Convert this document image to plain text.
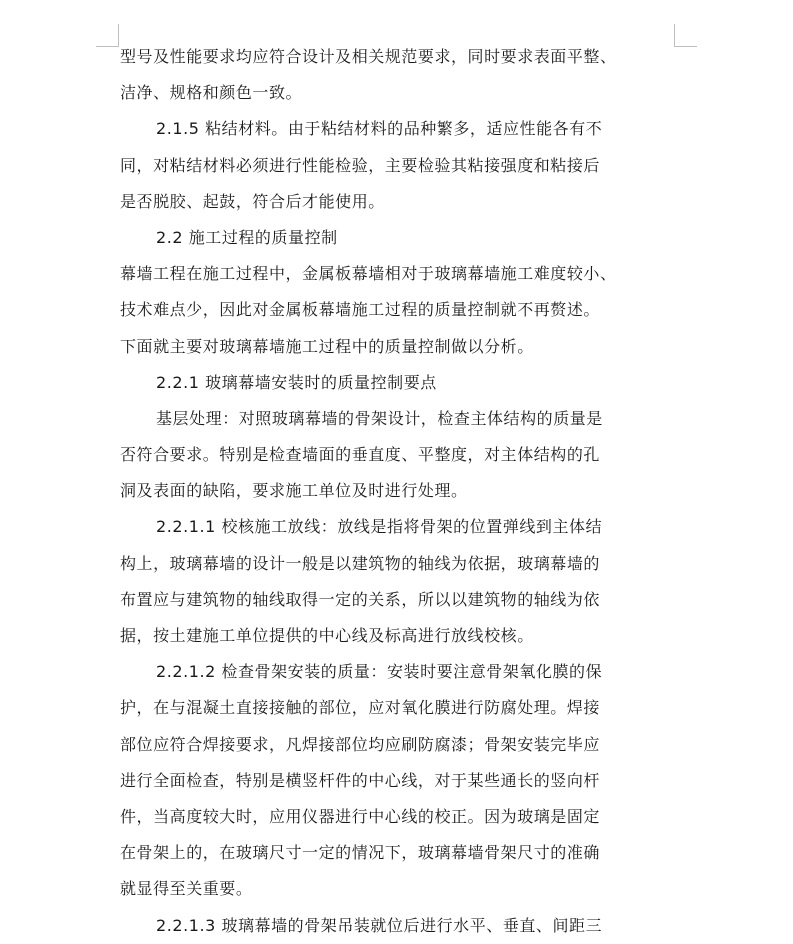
型号及性能要求均应符合设计及相关规范要求，同时要求表面平整、
洁净、规格和颜色一致。
2.1.5 粘结材料。由于粘结材料的品种繁多，适应性能各有不
同，对粘结材料必须进行性能检验，主要检验其粘接强度和粘接后
是否脱胶、起鼓，符合后才能使用。
2.2 施工过程的质量控制
幕墙工程在施工过程中，金属板幕墙相对于玻璃幕墙施工难度较小、
技术难点少，因此对金属板幕墙施工过程的质量控制就不再赘述。
下面就主要对玻璃幕墙施工过程中的质量控制做以分析。
2.2.1 玻璃幕墙安装时的质量控制要点
基层处理：对照玻璃幕墙的骨架设计，检查主体结构的质量是
否符合要求。特别是检查墙面的垂直度、平整度，对主体结构的孔
洞及表面的缺陷，要求施工单位及时进行处理。
2.2.1.1 校核施工放线：放线是指将骨架的位置弹线到主体结
构上，玻璃幕墙的设计一般是以建筑物的轴线为依据，玻璃幕墙的
布置应与建筑物的轴线取得一定的关系，所以以建筑物的轴线为依
据，按土建施工单位提供的中心线及标高进行放线校核。
2.2.1.2 检查骨架安装的质量：安装时要注意骨架氧化膜的保
护，在与混凝土直接接触的部位，应对氧化膜进行防腐处理。焊接
部位应符合焊接要求，凡焊接部位均应刷防腐漆；骨架安装完毕应
进行全面检查，特别是横竖杆件的中心线，对于某些通长的竖向杆
件，当高度较大时，应用仪器进行中心线的校正。因为玻璃是固定
在骨架上的，在玻璃尺寸一定的情况下，玻璃幕墙骨架尺寸的准确
就显得至关重要。
2.2.1.3 玻璃幕墙的骨架吊装就位后进行水平、垂直、间距三
